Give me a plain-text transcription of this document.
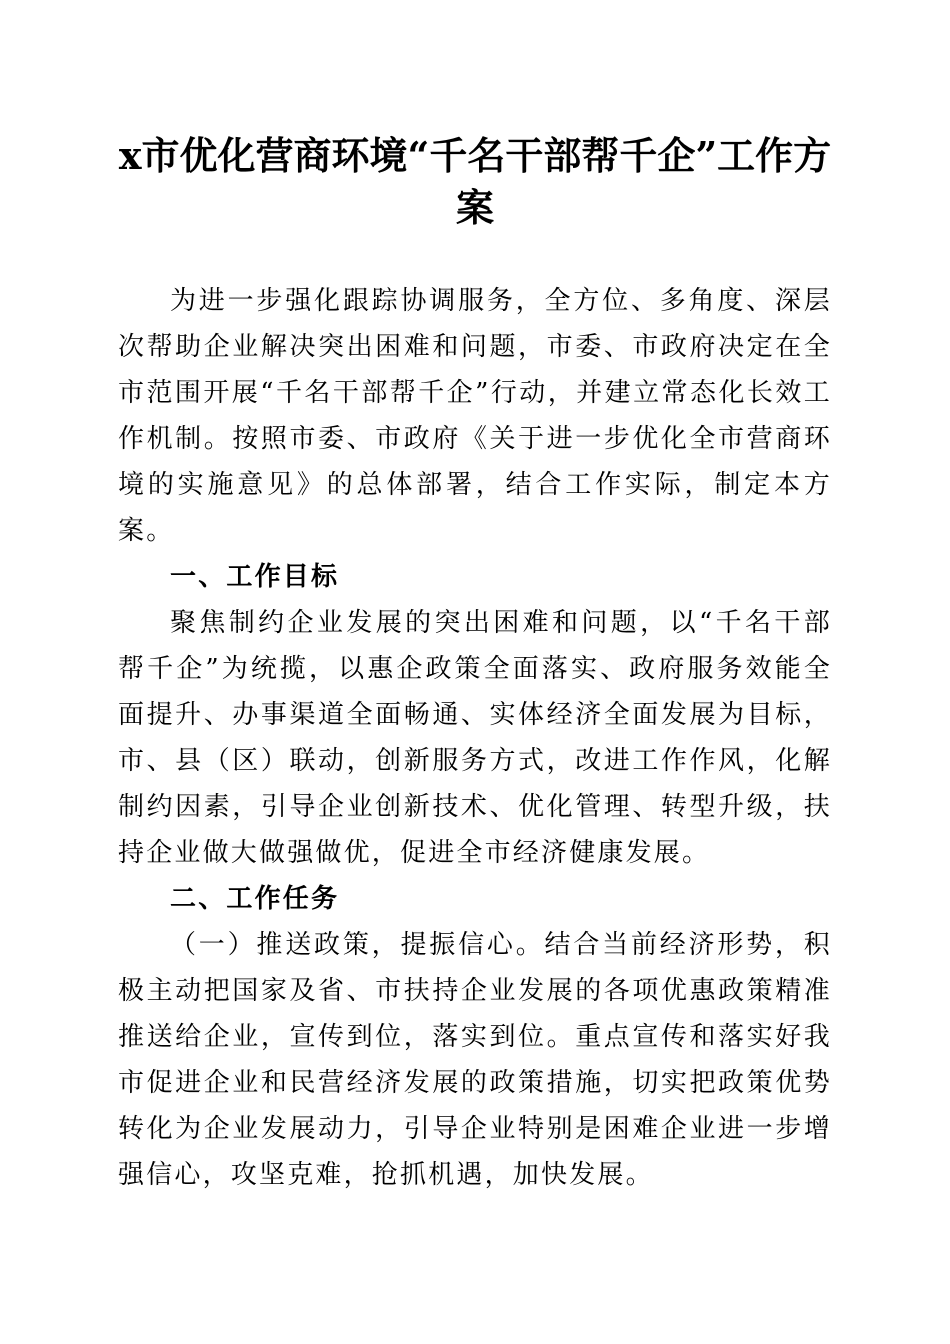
x市优化营商环境“千名干部帮千企”工作方案

为进一步强化跟踪协调服务，全方位、多角度、深层次帮助企业解决突出困难和问题，市委、市政府决定在全市范围开展“千名干部帮千企”行动，并建立常态化长效工作机制。按照市委、市政府《关于进一步优化全市营商环境的实施意见》的总体部署，结合工作实际，制定本方案。

一、工作目标

聚焦制约企业发展的突出困难和问题，以“千名干部帮千企”为统揽，以惠企政策全面落实、政府服务效能全面提升、办事渠道全面畅通、实体经济全面发展为目标，市、县（区）联动，创新服务方式，改进工作作风，化解制约因素，引导企业创新技术、优化管理、转型升级，扶持企业做大做强做优，促进全市经济健康发展。

二、工作任务

（一）推送政策，提振信心。结合当前经济形势，积极主动把国家及省、市扶持企业发展的各项优惠政策精准推送给企业，宣传到位，落实到位。重点宣传和落实好我市促进企业和民营经济发展的政策措施，切实把政策优势转化为企业发展动力，引导企业特别是困难企业进一步增强信心，攻坚克难，抢抓机遇，加快发展。
